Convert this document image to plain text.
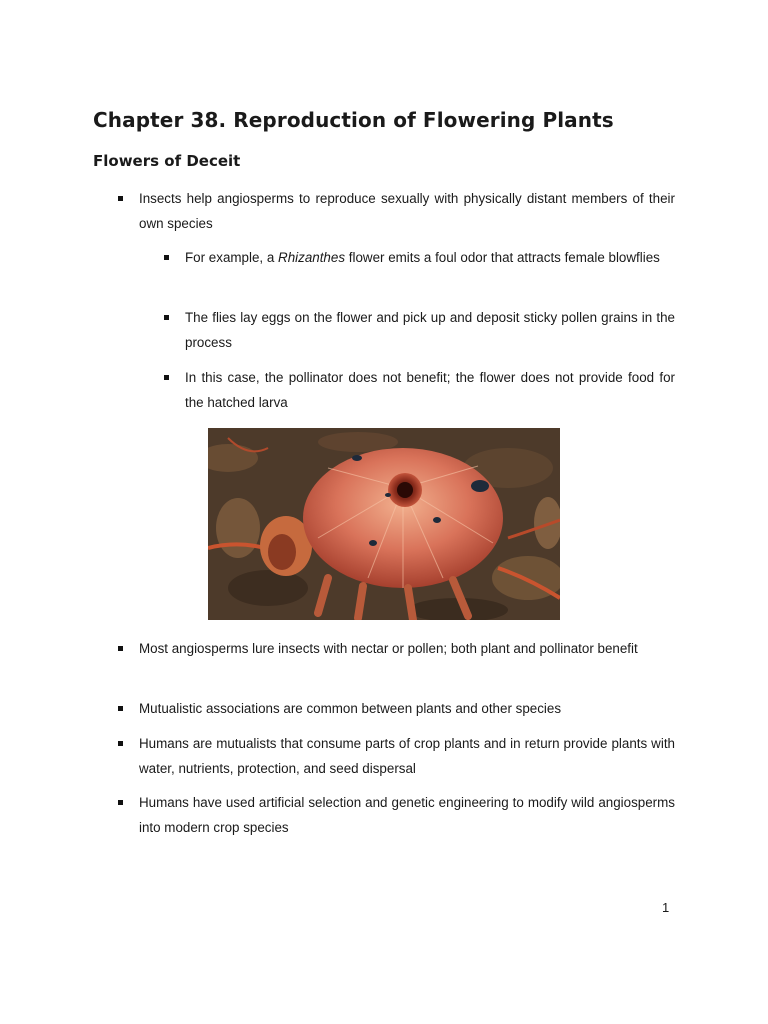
Chapter 38. Reproduction of Flowering Plants
Flowers of Deceit
Insects help angiosperms to reproduce sexually with physically distant members of their own species
For example, a Rhizanthes flower emits a foul odor that attracts female blowflies
The flies lay eggs on the flower and pick up and deposit sticky pollen grains in the process
In this case, the pollinator does not benefit; the flower does not provide food for the hatched larva
Most angiosperms lure insects with nectar or pollen; both plant and pollinator benefit
Mutualistic associations are common between plants and other species
Humans are mutualists that consume parts of crop plants and in return provide plants with water, nutrients, protection, and seed dispersal
Humans have used artificial selection and genetic engineering to modify wild angiosperms into modern crop species
1
